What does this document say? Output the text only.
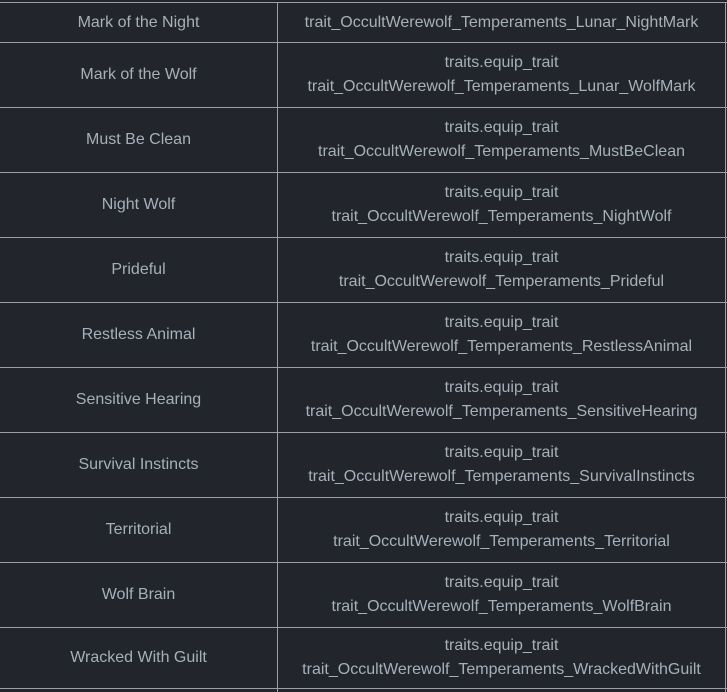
Mark of the Night	trait_OccultWerewolf_Temperaments_Lunar_NightMark
Mark of the Wolf
traits.equip_trait
trait_OccultWerewolf_Temperaments_Lunar_WolfMark
Must Be Clean
traits.equip_trait
trait_OccultWerewolf_Temperaments_MustBeClean
Night Wolf
traits.equip_trait
trait_OccultWerewolf_Temperaments_NightWolf
Prideful
traits.equip_trait
trait_OccultWerewolf_Temperaments_Prideful
Restless Animal
traits.equip_trait
trait_OccultWerewolf_Temperaments_RestlessAnimal
Sensitive Hearing
traits.equip_trait
trait_OccultWerewolf_Temperaments_SensitiveHearing
Survival Instincts
traits.equip_trait
trait_OccultWerewolf_Temperaments_SurvivalInstincts
Territorial
traits.equip_trait
trait_OccultWerewolf_Temperaments_Territorial
Wolf Brain
traits.equip_trait
trait_OccultWerewolf_Temperaments_WolfBrain
Wracked With Guilt
traits.equip_trait
trait_OccultWerewolf_Temperaments_WrackedWithGuilt
